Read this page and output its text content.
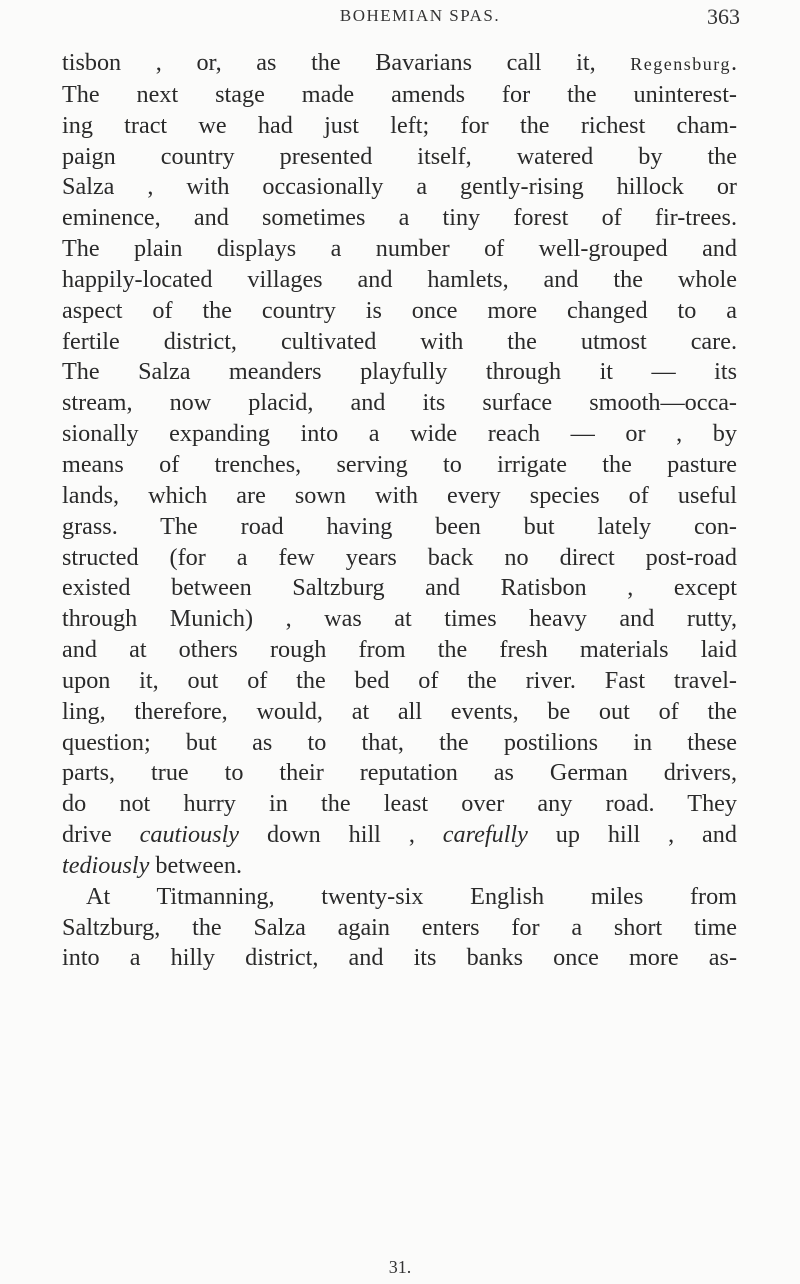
BOHEMIAN SPAS.	363
tisbon , or, as the Bavarians call it, Regensburg.
The next stage made amends for the uninterest-
ing tract we had just left; for the richest cham-
paign country presented itself, watered by the
Salza , with occasionally a gently-rising hillock or
eminence, and sometimes a tiny forest of fir-trees.
The plain displays a number of well-grouped and
happily-located villages and hamlets, and the whole
aspect of the country is once more changed to a
fertile district, cultivated with the utmost care.
The Salza meanders playfully through it — its
stream, now placid, and its surface smooth—occa-
sionally expanding into a wide reach — or , by
means of trenches, serving to irrigate the pasture
lands, which are sown with every species of useful
grass. The road having been but lately con-
structed (for a few years back no direct post-road
existed between Saltzburg and Ratisbon , except
through Munich) , was at times heavy and rutty,
and at others rough from the fresh materials laid
upon it, out of the bed of the river. Fast travel-
ling, therefore, would, at all events, be out of the
question; but as to that, the postilions in these
parts, true to their reputation as German drivers,
do not hurry in the least over any road. They
drive cautiously down hill , carefully up hill , and
tediously between.
At Titmanning, twenty-six English miles from
Saltzburg, the Salza again enters for a short time
into a hilly district, and its banks once more as-
31.
